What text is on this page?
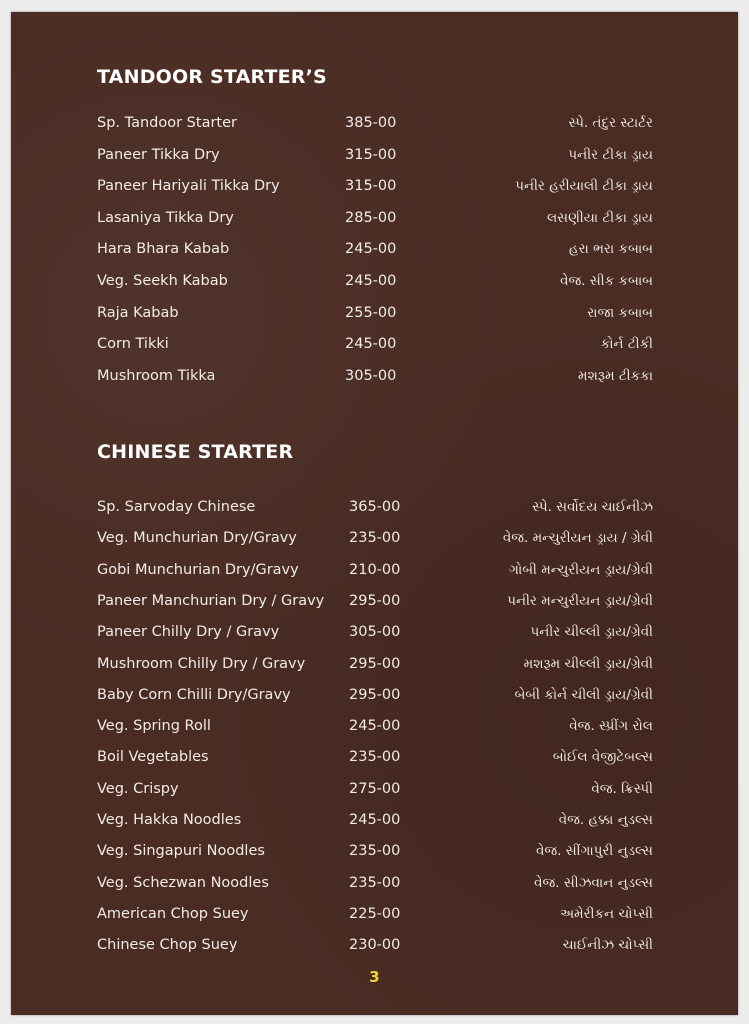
TANDOOR STARTER’S
Sp. Tandoor Starter	385-00	સ્પે. તંદુર સ્ટાર્ટર
Paneer Tikka Dry	315-00	પનીર ટીકા ડ્રાય
Paneer Hariyali Tikka Dry	315-00	પનીર હરીયાલી ટીકા ડ્રાય
Lasaniya Tikka Dry	285-00	લસણીયા ટીકા ડ્રાય
Hara Bhara Kabab	245-00	હરા ભરા કબાબ
Veg. Seekh Kabab	245-00	વેજ. સીક કબાબ
Raja Kabab	255-00	રાજા કબાબ
Corn Tikki	245-00	કોર્ન ટીકી
Mushroom Tikka	305-00	મશરૂમ ટીકકા
CHINESE STARTER
Sp. Sarvoday Chinese	365-00	સ્પે. સર્વોદય ચાઈનીઝ
Veg. Munchurian Dry/Gravy	235-00	વેજ. મન્ચુરીયન ડ્રાય / ગ્રેવી
Gobi Munchurian Dry/Gravy	210-00	ગોબી મન્ચુરીયન ડ્રાય/ગ્રેવી
Paneer Manchurian Dry / Gravy 295-00	પનીર મન્ચુરીયન ડ્રાય/ગ્રેવી
Paneer Chilly Dry / Gravy	305-00	પનીર ચીલ્લી ડ્રાય/ગ્રેવી
Mushroom Chilly Dry / Gravy	295-00	મશરૂમ ચીલ્લી ડ્રાય/ગ્રેવી
Baby Corn Chilli Dry/Gravy	295-00	બેબી કોર્ન ચીલી ડ્રાય/ગ્રેવી
Veg. Spring Roll	245-00	વેજ. સ્પ્રીંગ રોલ
Boil Vegetables	235-00	બોઈલ વેજીટેબલ્સ
Veg. Crispy	275-00	વેજ. ક્રિસ્પી
Veg. Hakka Noodles	245-00	વેજ. હક્કા નુડલ્સ
Veg. Singapuri Noodles	235-00	વેજ. સીંગાપુરી નુડલ્સ
Veg. Schezwan Noodles	235-00	વેજ. સીઝવાન નુડલ્સ
American Chop Suey	225-00	અમેરીકન ચોપ્સી
Chinese Chop Suey	230-00	ચાઈનીઝ ચોપ્સી
3
